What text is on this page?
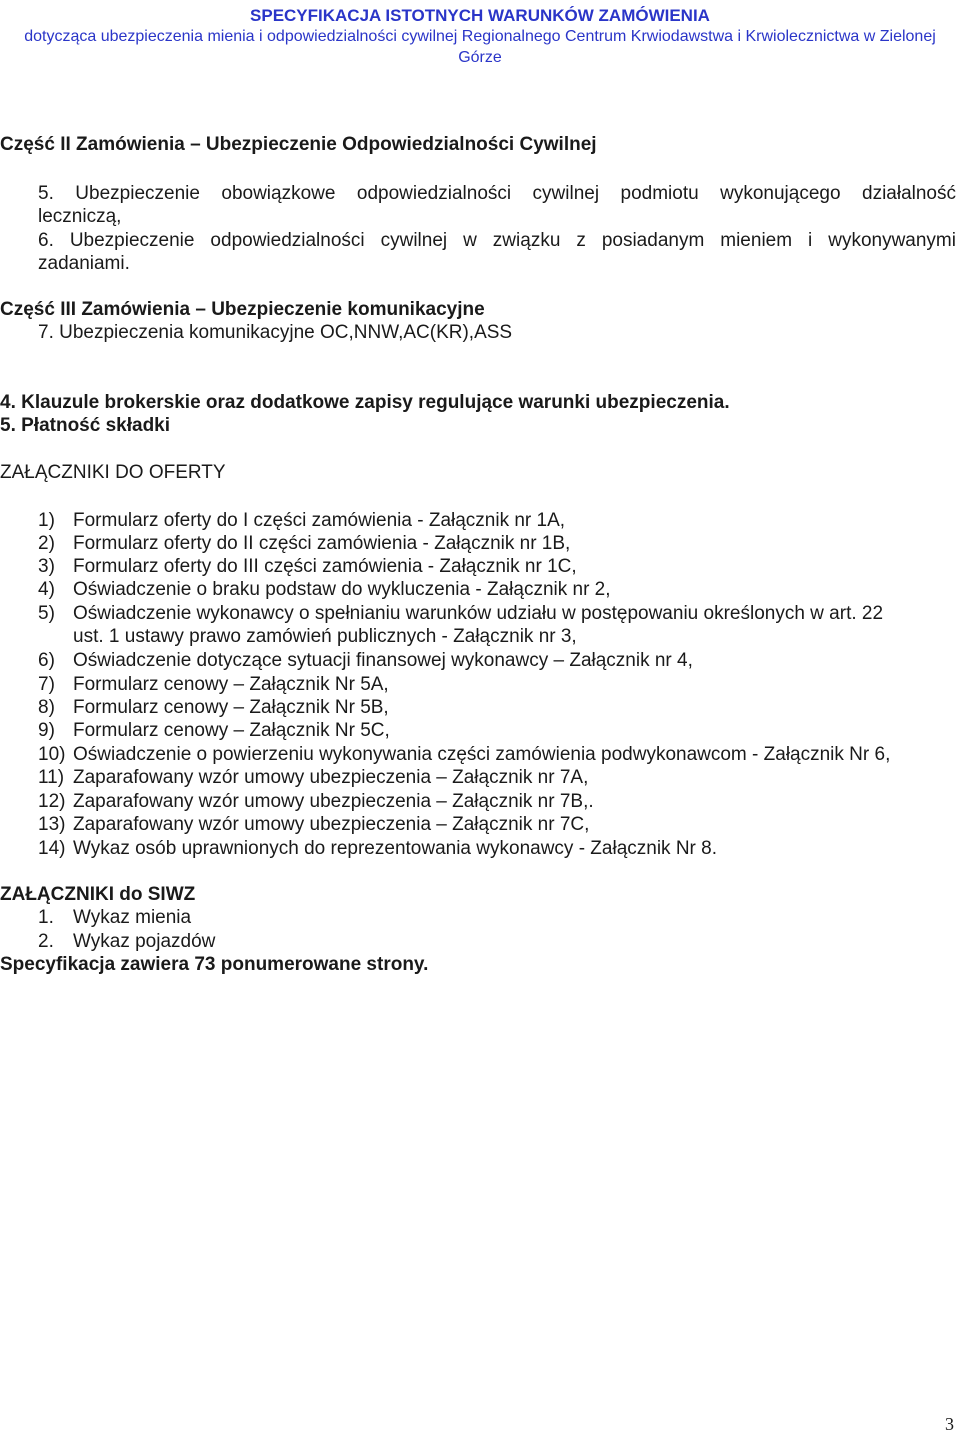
SPECYFIKACJA ISTOTNYCH WARUNKÓW ZAMÓWIENIA
dotycząca ubezpieczenia mienia i odpowiedzialności cywilnej Regionalnego Centrum Krwiodawstwa i Krwiolecznictwa w Zielonej
Górze
Część II Zamówienia – Ubezpieczenie Odpowiedzialności Cywilnej
5. Ubezpieczenie obowiązkowe odpowiedzialności cywilnej podmiotu wykonującego działalność
leczniczą,
6. Ubezpieczenie odpowiedzialności cywilnej w związku z posiadanym mieniem i wykonywanymi
zadaniami.
Część III Zamówienia – Ubezpieczenie komunikacyjne
7. Ubezpieczenia komunikacyjne OC,NNW,AC(KR),ASS
4. Klauzule brokerskie oraz dodatkowe zapisy regulujące warunki ubezpieczenia.
5. Płatność składki
ZAŁĄCZNIKI DO OFERTY
1) Formularz oferty do I części zamówienia - Załącznik nr 1A,
2) Formularz oferty do II części zamówienia - Załącznik nr 1B,
3) Formularz oferty do III części zamówienia - Załącznik nr 1C,
4) Oświadczenie o braku podstaw do wykluczenia - Załącznik nr 2,
5) Oświadczenie wykonawcy o spełnianiu warunków udziału w postępowaniu określonych w art. 22
ust. 1 ustawy prawo zamówień publicznych - Załącznik nr 3,
6) Oświadczenie dotyczące sytuacji finansowej wykonawcy – Załącznik nr 4,
7) Formularz cenowy – Załącznik Nr 5A,
8) Formularz cenowy – Załącznik Nr 5B,
9) Formularz cenowy – Załącznik Nr 5C,
10) Oświadczenie o powierzeniu wykonywania części zamówienia podwykonawcom - Załącznik Nr 6,
11) Zaparafowany wzór umowy ubezpieczenia – Załącznik nr 7A,
12) Zaparafowany wzór umowy ubezpieczenia – Załącznik nr 7B,.
13) Zaparafowany wzór umowy ubezpieczenia – Załącznik nr 7C,
14) Wykaz osób uprawnionych do reprezentowania wykonawcy - Załącznik Nr 8.
ZAŁĄCZNIKI do SIWZ
1. Wykaz mienia
2. Wykaz pojazdów
Specyfikacja zawiera 73 ponumerowane strony.
3
